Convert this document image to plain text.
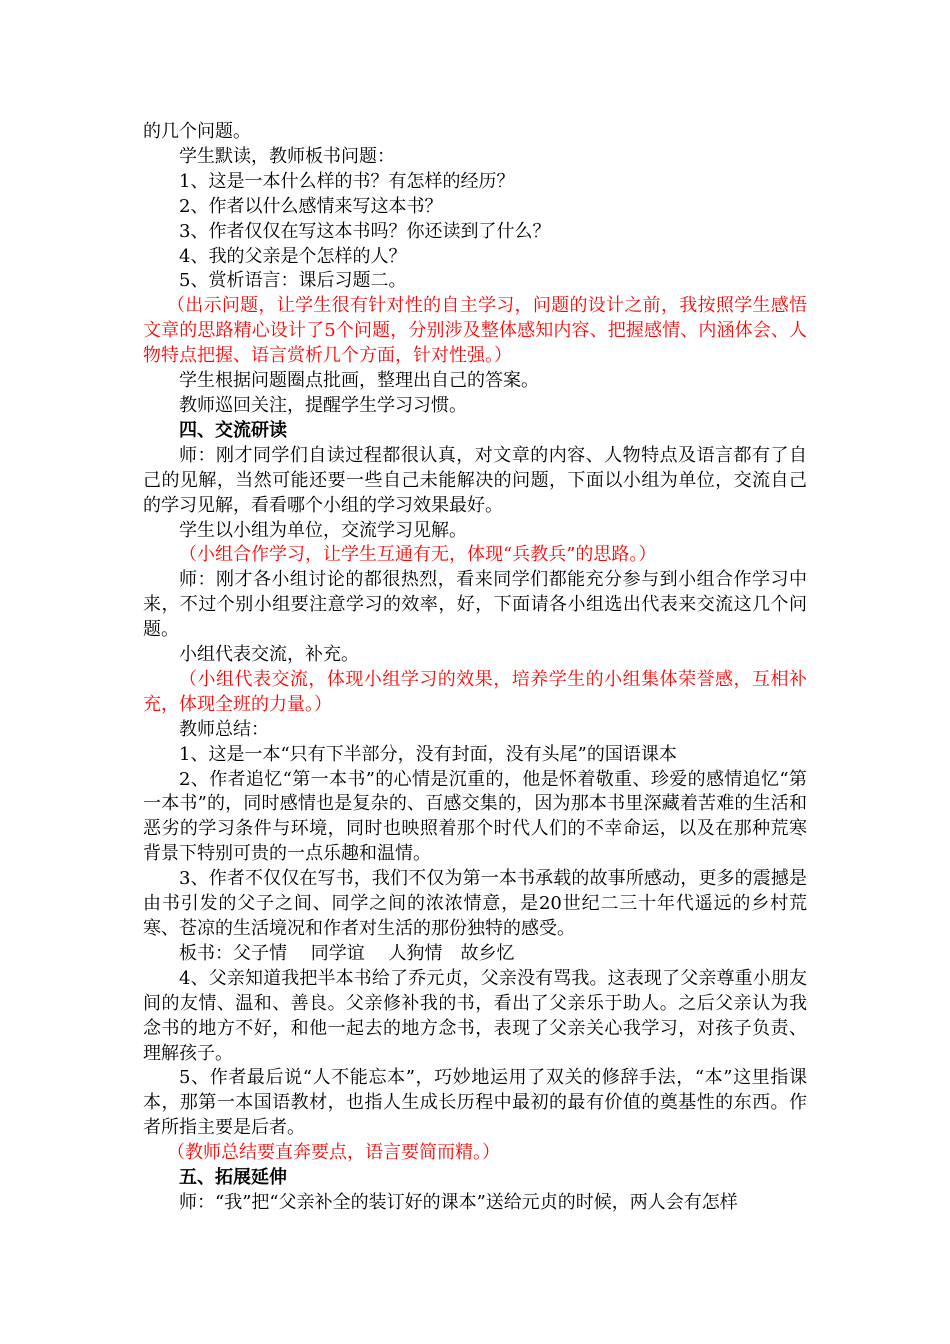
的几个问题。

学生默读，教师板书问题：

1、这是一本什么样的书？有怎样的经历？

2、作者以什么感情来写这本书？

3、作者仅仅在写这本书吗？你还读到了什么？

4、我的父亲是个怎样的人？

5、赏析语言：课后习题二。

（出示问题，让学生很有针对性的自主学习，问题的设计之前，我按照学生感悟文章的思路精心设计了5个问题，分别涉及整体感知内容、把握感情、内涵体会、人物特点把握、语言赏析几个方面，针对性强。）

学生根据问题圈点批画，整理出自己的答案。

教师巡回关注，提醒学生学习习惯。

四、交流研读

师：刚才同学们自读过程都很认真，对文章的内容、人物特点及语言都有了自己的见解，当然可能还要一些自己未能解决的问题，下面以小组为单位，交流自己的学习见解，看看哪个小组的学习效果最好。

学生以小组为单位，交流学习见解。

（小组合作学习，让学生互通有无，体现“兵教兵”的思路。）

师：刚才各小组讨论的都很热烈，看来同学们都能充分参与到小组合作学习中来，不过个别小组要注意学习的效率，好，下面请各小组选出代表来交流这几个问题。

小组代表交流，补充。

（小组代表交流，体现小组学习的效果，培养学生的小组集体荣誉感，互相补充，体现全班的力量。）

教师总结：

1、这是一本“只有下半部分，没有封面，没有头尾”的国语课本

2、作者追忆“第一本书”的心情是沉重的，他是怀着敬重、珍爱的感情追忆“第一本书”的，同时感情也是复杂的、百感交集的，因为那本书里深藏着苦难的生活和恶劣的学习条件与环境，同时也映照着那个时代人们的不幸命运，以及在那种荒寒背景下特别可贵的一点乐趣和温情。

3、作者不仅仅在写书，我们不仅为第一本书承载的故事所感动，更多的震撼是由书引发的父子之间、同学之间的浓浓情意，是20世纪二三十年代遥远的乡村荒寒、苍凉的生活境况和作者对生活的那份独特的感受。

板书：父子情　 同学谊　 人狗情　故乡忆

4、父亲知道我把半本书给了乔元贞，父亲没有骂我。这表现了父亲尊重小朋友间的友情、温和、善良。父亲修补我的书，看出了父亲乐于助人。之后父亲认为我念书的地方不好，和他一起去的地方念书，表现了父亲关心我学习，对孩子负责、理解孩子。

5、作者最后说“人不能忘本”，巧妙地运用了双关的修辞手法，“本”这里指课本，那第一本国语教材，也指人生成长历程中最初的最有价值的奠基性的东西。作者所指主要是后者。

（教师总结要直奔要点，语言要简而精。）

五、拓展延伸

师：“我”把“父亲补全的装订好的课本”送给元贞的时候，两人会有怎样
